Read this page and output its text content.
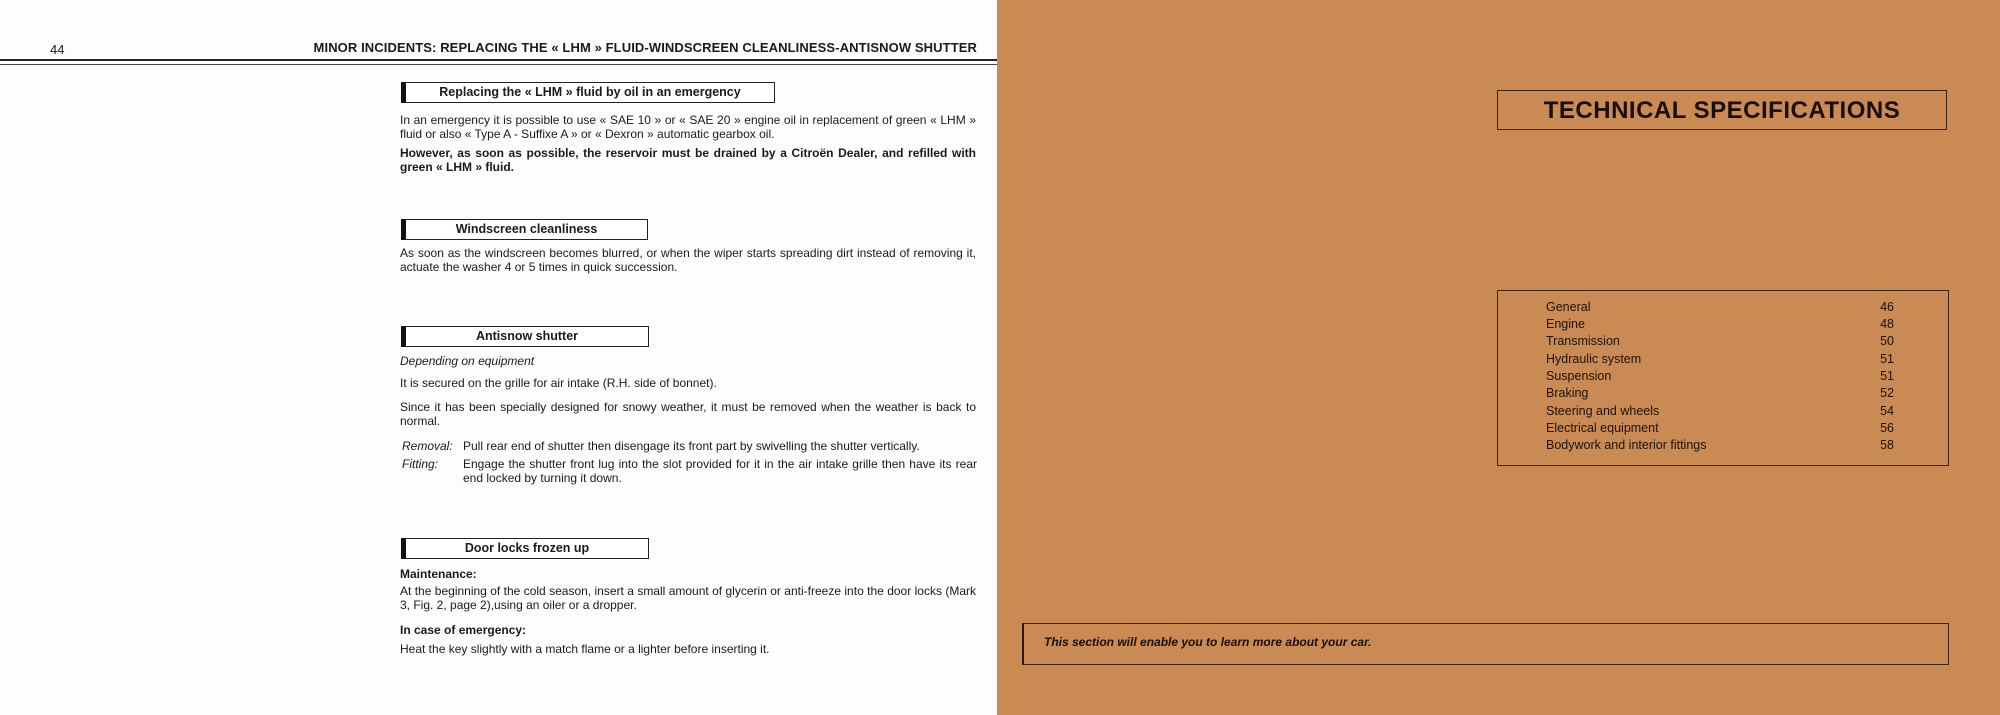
44	MINOR INCIDENTS: REPLACING THE « LHM » FLUID-WINDSCREEN CLEANLINESS-ANTISNOW SHUTTER
Replacing the « LHM » fluid by oil in an emergency

In an emergency it is possible to use « SAE 10 » or « SAE 20 » engine oil in replacement of green « LHM » fluid or also « Type A - Suffixe A » or « Dexron » automatic gearbox oil.

However, as soon as possible, the reservoir must be drained by a Citroën Dealer, and refilled with green « LHM » fluid.

Windscreen cleanliness

As soon as the windscreen becomes blurred, or when the wiper starts spreading dirt instead of removing it, actuate the washer 4 or 5 times in quick succession.

Antisnow shutter

Depending on equipment

It is secured on the grille for air intake (R.H. side of bonnet).

Since it has been specially designed for snowy weather, it must be removed when the weather is back to normal.

Removal: Pull rear end of shutter then disengage its front part by swivelling the shutter vertically.

Fitting: Engage the shutter front lug into the slot provided for it in the air intake grille then have its rear end locked by turning it down.

Door locks frozen up

Maintenance:

At the beginning of the cold season, insert a small amount of glycerin or anti-freeze into the door locks (Mark 3, Fig. 2, page 2),using an oiler or a dropper.

In case of emergency:

Heat the key slightly with a match flame or a lighter before inserting it.

TECHNICAL SPECIFICATIONS
General	46
Engine	48
Transmission	50
Hydraulic system	51
Suspension	51
Braking	52
Steering and wheels	54
Electrical equipment	56
Bodywork and interior fittings	58
This section will enable you to learn more about your car.
